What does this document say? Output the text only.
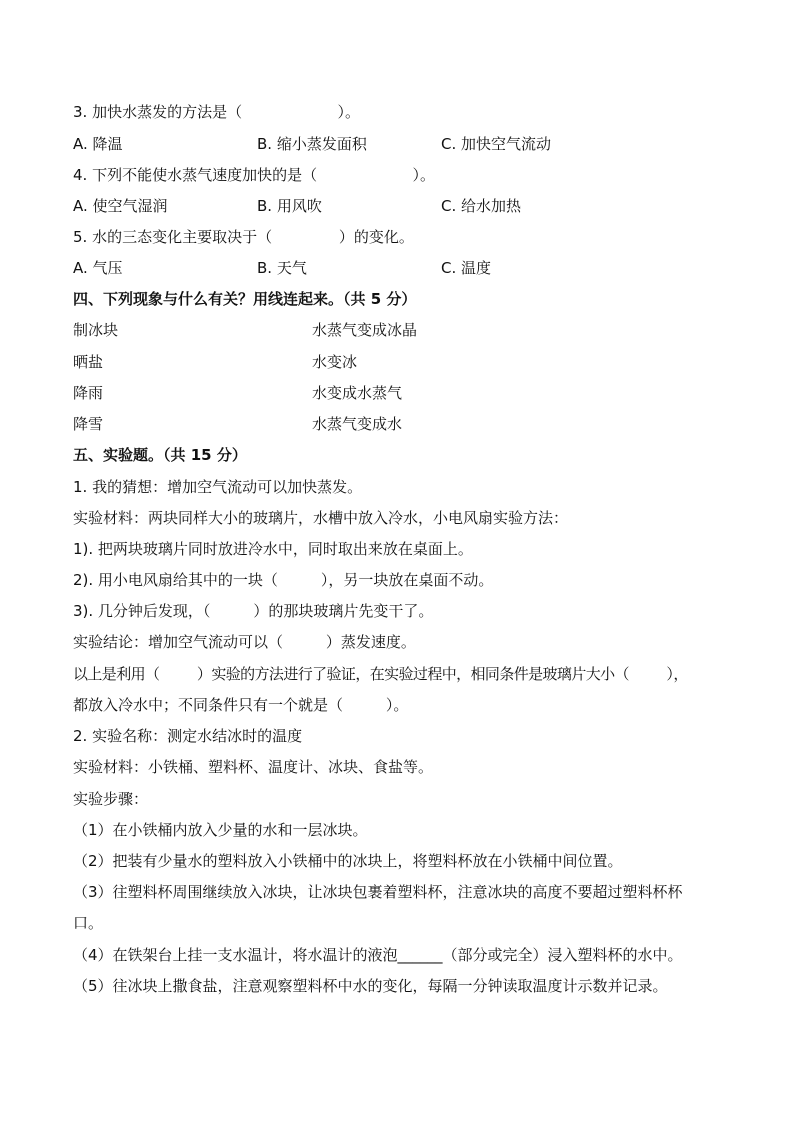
3. 加快水蒸发的方法是（                    ）。
A. 降温	B. 缩小蒸发面积	C. 加快空气流动
4. 下列不能使水蒸气速度加快的是（                    ）。
A. 使空气湿润	B. 用风吹	C. 给水加热
5. 水的三态变化主要取决于（              ）的变化。
A. 气压	B. 天气	C. 温度
四、下列现象与什么有关？用线连起来。（共 5 分）
制冰块	水蒸气变成冰晶
晒盐	水变冰
降雨	水变成水蒸气
降雪	水蒸气变成水
五、实验题。（共 15 分）
1. 我的猜想：增加空气流动可以加快蒸发。
实验材料：两块同样大小的玻璃片，水槽中放入冷水，小电风扇实验方法：
1). 把两块玻璃片同时放进冷水中，同时取出来放在桌面上。
2). 用小电风扇给其中的一块（         ），另一块放在桌面不动。
3). 几分钟后发现，（         ）的那块玻璃片先变干了。
实验结论：增加空气流动可以（         ）蒸发速度。
以上是利用（         ）实验的方法进行了验证，在实验过程中，相同条件是玻璃片大小（         ），
都放入冷水中；不同条件只有一个就是（         ）。
2. 实验名称：测定水结冰时的温度
实验材料：小铁桶、塑料杯、温度计、冰块、食盐等。
实验步骤：
（1）在小铁桶内放入少量的水和一层冰块。
（2）把装有少量水的塑料放入小铁桶中的冰块上，将塑料杯放在小铁桶中间位置。
（3）往塑料杯周围继续放入冰块，让冰块包裹着塑料杯，注意冰块的高度不要超过塑料杯杯
口。
（4）在铁架台上挂一支水温计，将水温计的液泡______（部分或完全）浸入塑料杯的水中。
（5）往冰块上撒食盐，注意观察塑料杯中水的变化，每隔一分钟读取温度计示数并记录。
